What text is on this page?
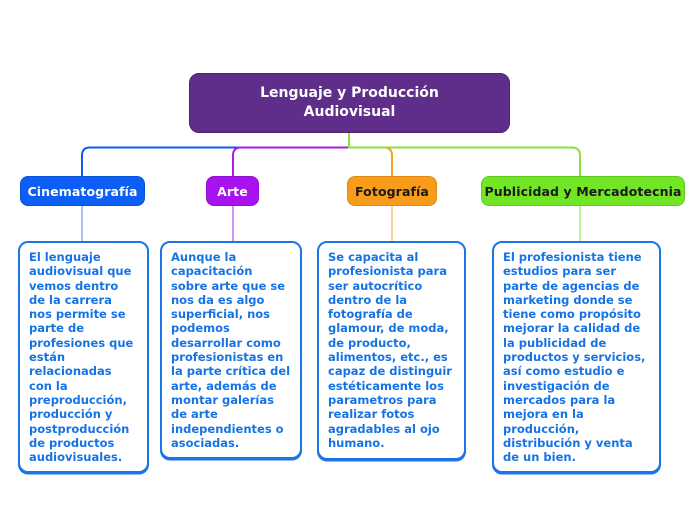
Lenguaje y Producción Audiovisual
Cinematografía	Arte	Fotografía	Publicidad y Mercadotecnia
El lenguaje audiovisual que vemos dentro de la carrera nos permite se parte de profesiones que están relacionadas con la preproducción, producción y postproducción de productos audiovisuales.
Aunque la capacitación sobre arte que se nos da es algo superficial, nos podemos desarrollar como profesionistas en la parte crítica del arte, además de montar galerías de arte independientes o asociadas.
Se capacita al profesionista para ser autocrítico dentro de la fotografía de glamour, de moda, de producto, alimentos, etc., es capaz de distinguir estéticamente los parametros para realizar fotos agradables al ojo humano.
El profesionista tiene estudios para ser parte de agencias de marketing donde se tiene como propósito mejorar la calidad de la publicidad de productos y servicios, así como estudio e investigación de mercados para la mejora en la producción, distribución y venta de un bien.
